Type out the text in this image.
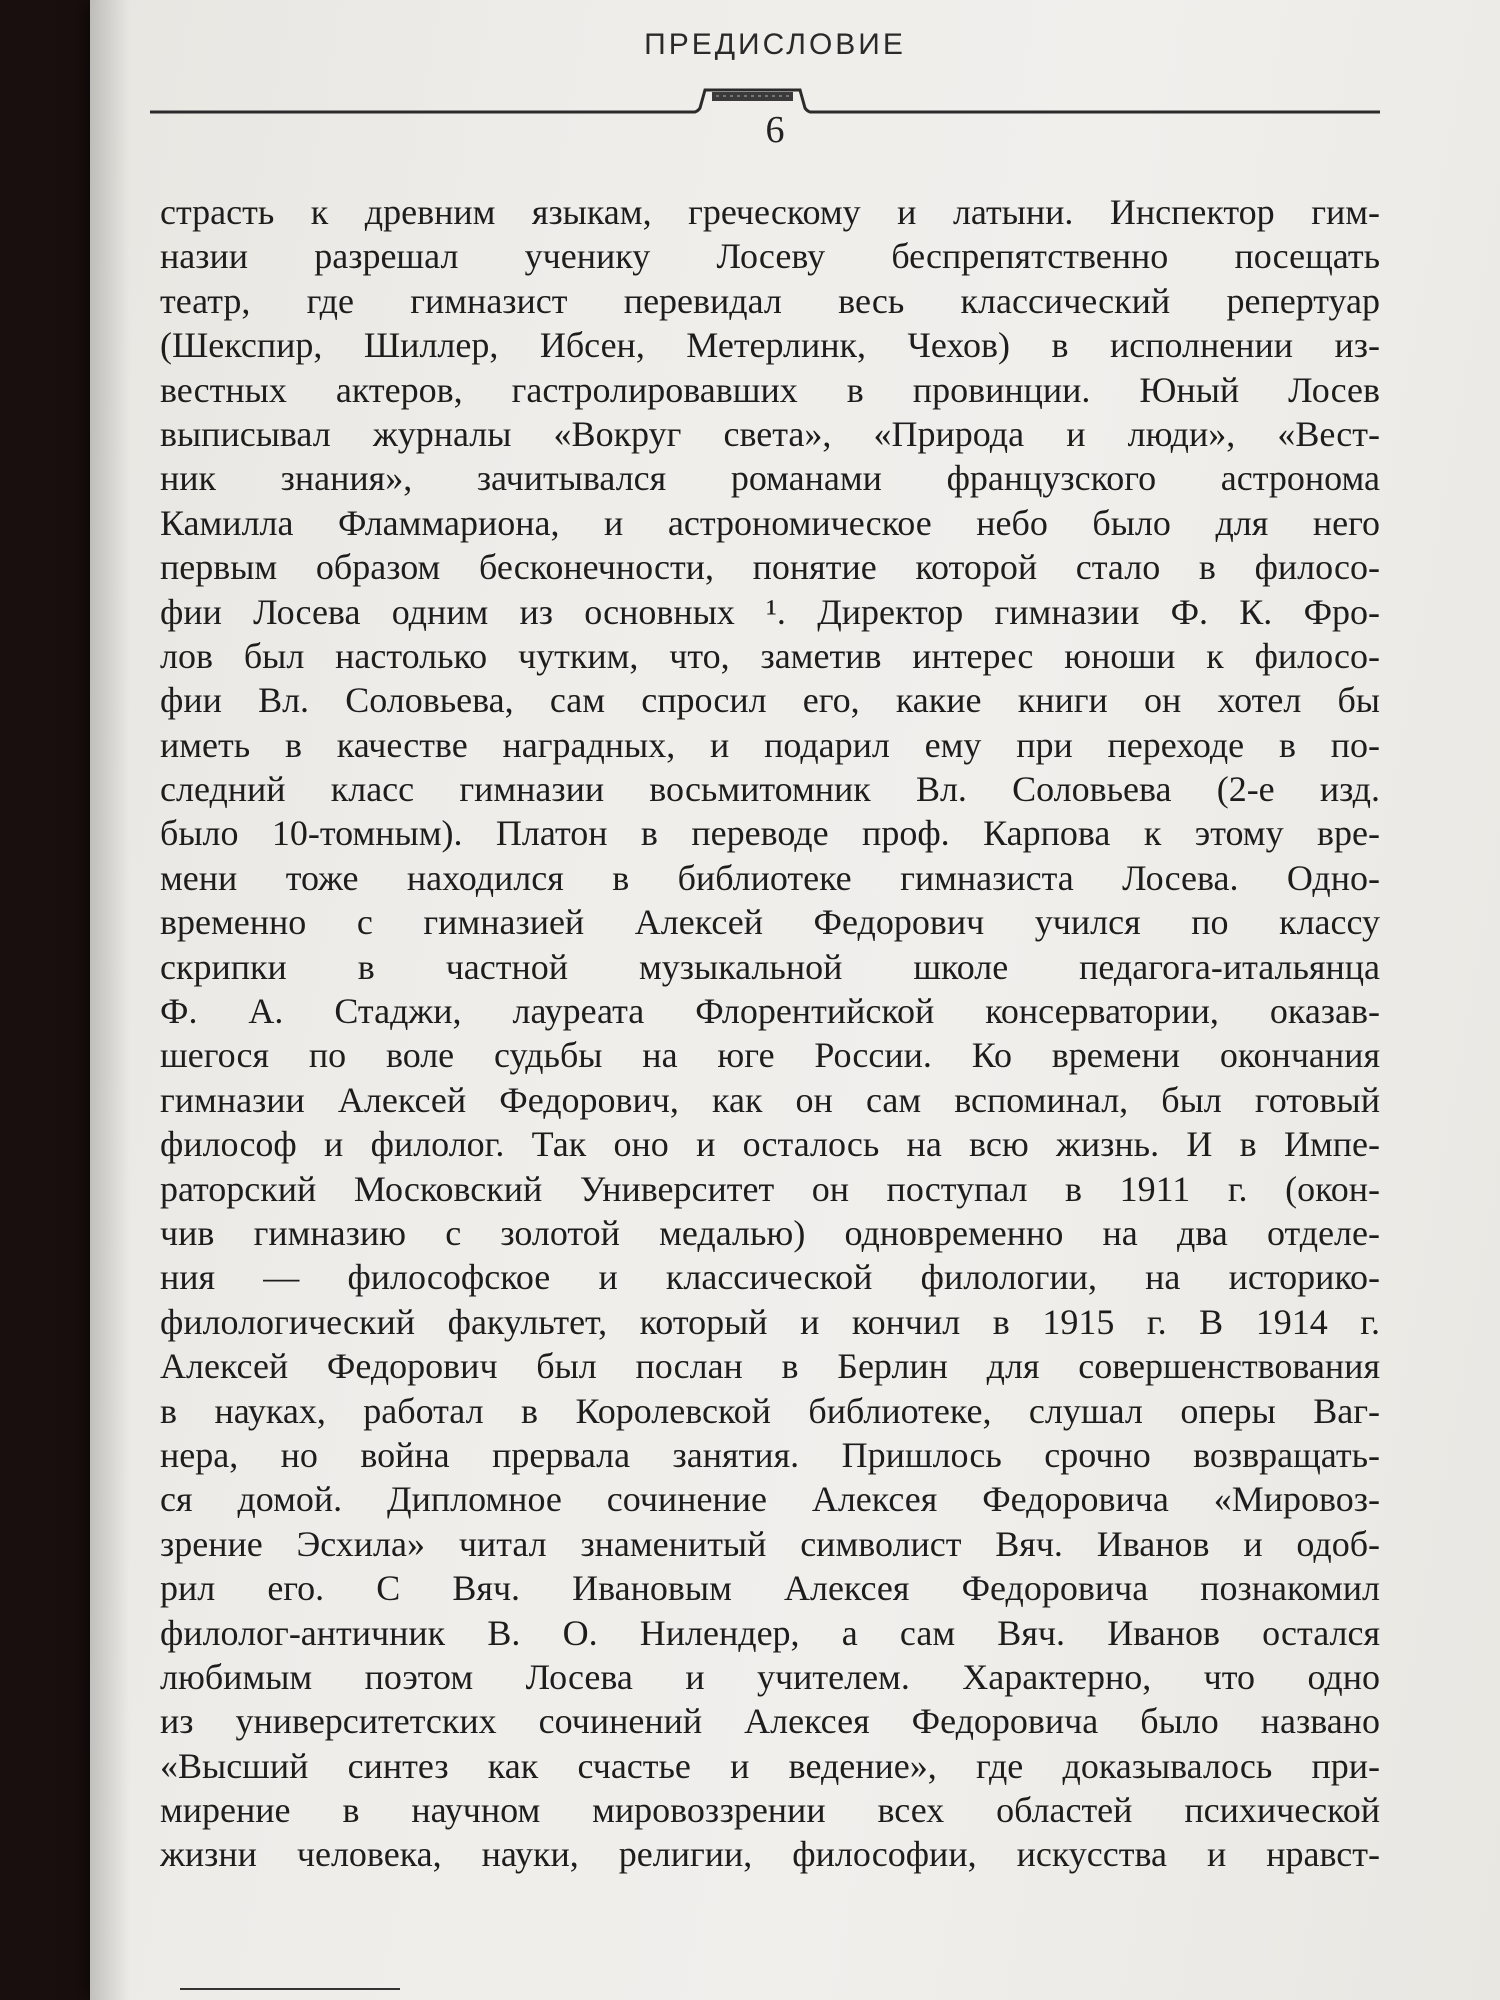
ПРЕДИСЛОВИЕ
6
страсть к древним языкам, греческому и латыни. Инспектор гим-
назии разрешал ученику Лосеву беспрепятственно посещать
театр, где гимназист перевидал весь классический репертуар
(Шекспир, Шиллер, Ибсен, Метерлинк, Чехов) в исполнении из-
вестных актеров, гастролировавших в провинции. Юный Лосев
выписывал журналы «Вокруг света», «Природа и люди», «Вест-
ник знания», зачитывался романами французского астронома
Камилла Фламмариона, и астрономическое небо было для него
первым образом бесконечности, понятие которой стало в филосо-
фии Лосева одним из основных ¹. Директор гимназии Ф. К. Фро-
лов был настолько чутким, что, заметив интерес юноши к филосо-
фии Вл. Соловьева, сам спросил его, какие книги он хотел бы
иметь в качестве наградных, и подарил ему при переходе в по-
следний класс гимназии восьмитомник Вл. Соловьева (2-е изд.
было 10-томным). Платон в переводе проф. Карпова к этому вре-
мени тоже находился в библиотеке гимназиста Лосева. Одно-
временно с гимназией Алексей Федорович учился по классу
скрипки в частной музыкальной школе педагога-итальянца
Ф. А. Стаджи, лауреата Флорентийской консерватории, оказав-
шегося по воле судьбы на юге России. Ко времени окончания
гимназии Алексей Федорович, как он сам вспоминал, был готовый
философ и филолог. Так оно и осталось на всю жизнь. И в Импе-
раторский Московский Университет он поступал в 1911 г. (окон-
чив гимназию с золотой медалью) одновременно на два отделе-
ния — философское и классической филологии, на историко-
филологический факультет, который и кончил в 1915 г. В 1914 г.
Алексей Федорович был послан в Берлин для совершенствования
в науках, работал в Королевской библиотеке, слушал оперы Ваг-
нера, но война прервала занятия. Пришлось срочно возвращать-
ся домой. Дипломное сочинение Алексея Федоровича «Мировоз-
зрение Эсхила» читал знаменитый символист Вяч. Иванов и одоб-
рил его. С Вяч. Ивановым Алексея Федоровича познакомил
филолог-античник В. О. Нилендер, а сам Вяч. Иванов остался
любимым поэтом Лосева и учителем. Характерно, что одно
из университетских сочинений Алексея Федоровича было названо
«Высший синтез как счастье и ведение», где доказывалось при-
мирение в научном мировоззрении всех областей психической
жизни человека, науки, религии, философии, искусства и нравст-
